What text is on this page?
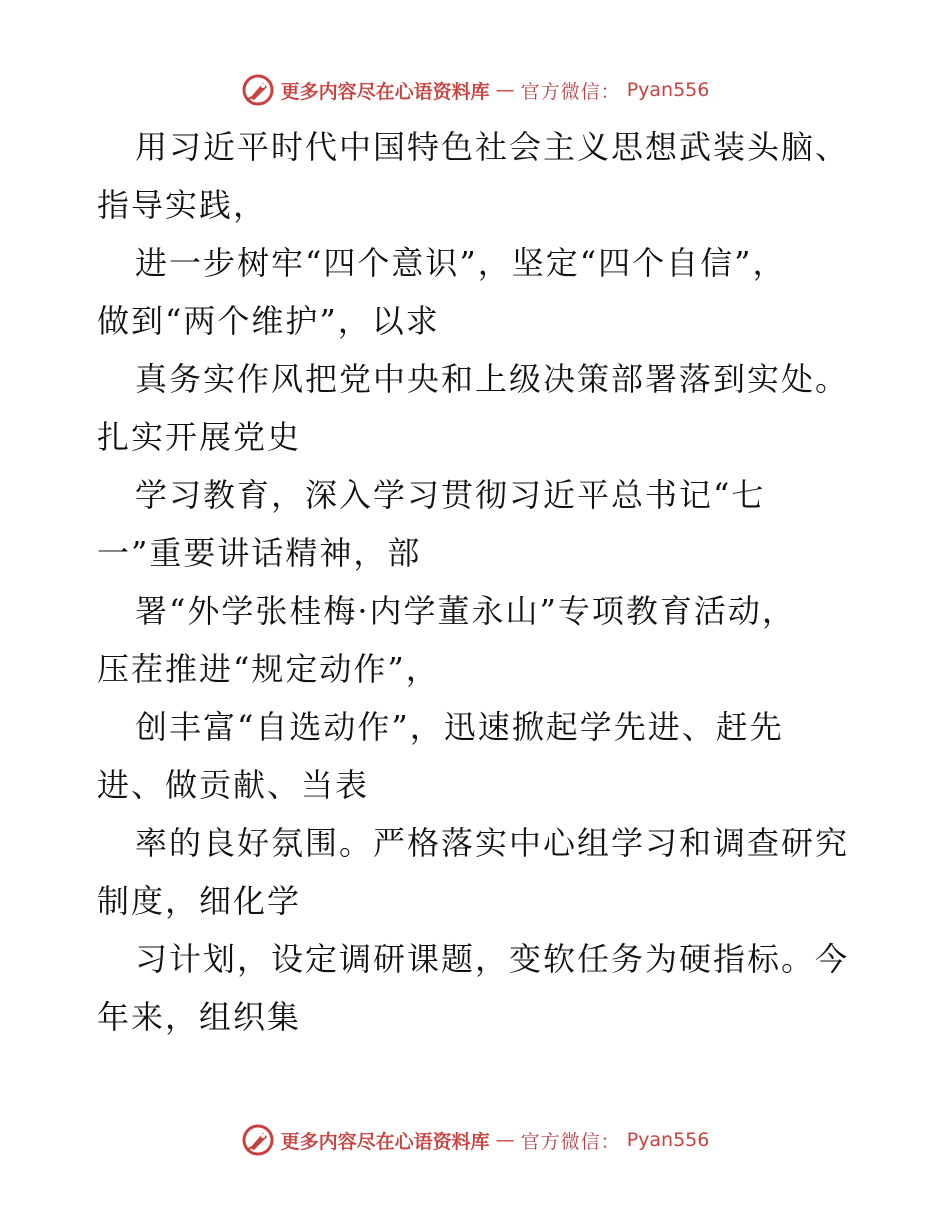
更多内容尽在心语资料库 — 官方微信： Pyan556

用习近平时代中国特色社会主义思想武装头脑、
指导实践，

进一步树牢“四个意识”，坚定“四个自信”，
做到“两个维护”，以求

真务实作风把党中央和上级决策部署落到实处。
扎实开展党史

学习教育，深入学习贯彻习近平总书记“七
一”重要讲话精神，部

署“外学张桂梅·内学董永山”专项教育活动，
压茬推进“规定动作”，

创丰富“自选动作”，迅速掀起学先进、赶先
进、做贡献、当表

率的良好氛围。严格落实中心组学习和调查研究
制度，细化学

习计划，设定调研课题，变软任务为硬指标。今
年来，组织集

更多内容尽在心语资料库 — 官方微信： Pyan556
